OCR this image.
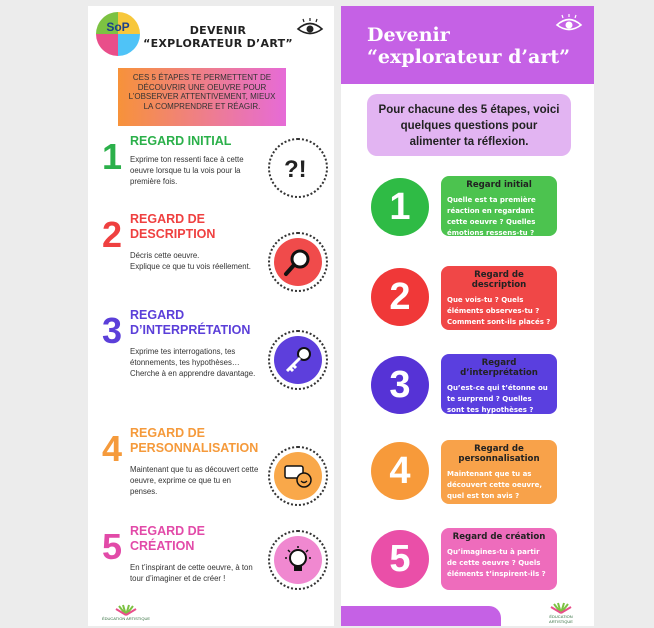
SoP	DEVENIR
“EXPLORATEUR D’ART”
CES 5 ÉTAPES TE PERMETTENT DE DÉCOUVRIR UNE OEUVRE POUR L’OBSERVER ATTENTIVEMENT, MIEUX LA COMPRENDRE ET RÉAGIR.
1 REGARD INITIAL
Exprime ton ressenti face à cette oeuvre lorsque tu la vois pour la première fois.	?!
2 REGARD DE
DESCRIPTION
Décris cette oeuvre.
Explique ce que tu vois réellement.
3 REGARD
D’INTERPRÉTATION
Exprime tes interrogations, tes étonnements, tes hypothèses… Cherche à en apprendre davantage.
4 REGARD DE
PERSONNALISATION
Maintenant que tu as découvert cette oeuvre, exprime ce que tu en penses.
5 REGARD DE
CRÉATION
En t’inspirant de cette oeuvre, à ton tour d’imaginer et de créer !
ÉDUCATION ARTISTIQUE
Devenir
“explorateur d’art”
Pour chacune des 5 étapes, voici quelques questions pour alimenter ta réflexion.
1
Regard initial
Quelle est ta première réaction en regardant cette oeuvre ? Quelles émotions ressens-tu ?
2
Regard de description
Que vois-tu ? Quels éléments observes-tu ? Comment sont-ils placés ?
3
Regard d’interprétation
Qu’est-ce qui t’étonne ou te surprend ? Quelles sont tes hypothèses ? Que veux-tu savoir ?
4
Regard de personnalisation
Maintenant que tu as découvert cette oeuvre, quel est ton avis ?
5
Regard de création
Qu’imagines-tu à partir de cette oeuvre ? Quels éléments t’inspirent-ils ?
ÉDUCATION ARTISTIQUE
